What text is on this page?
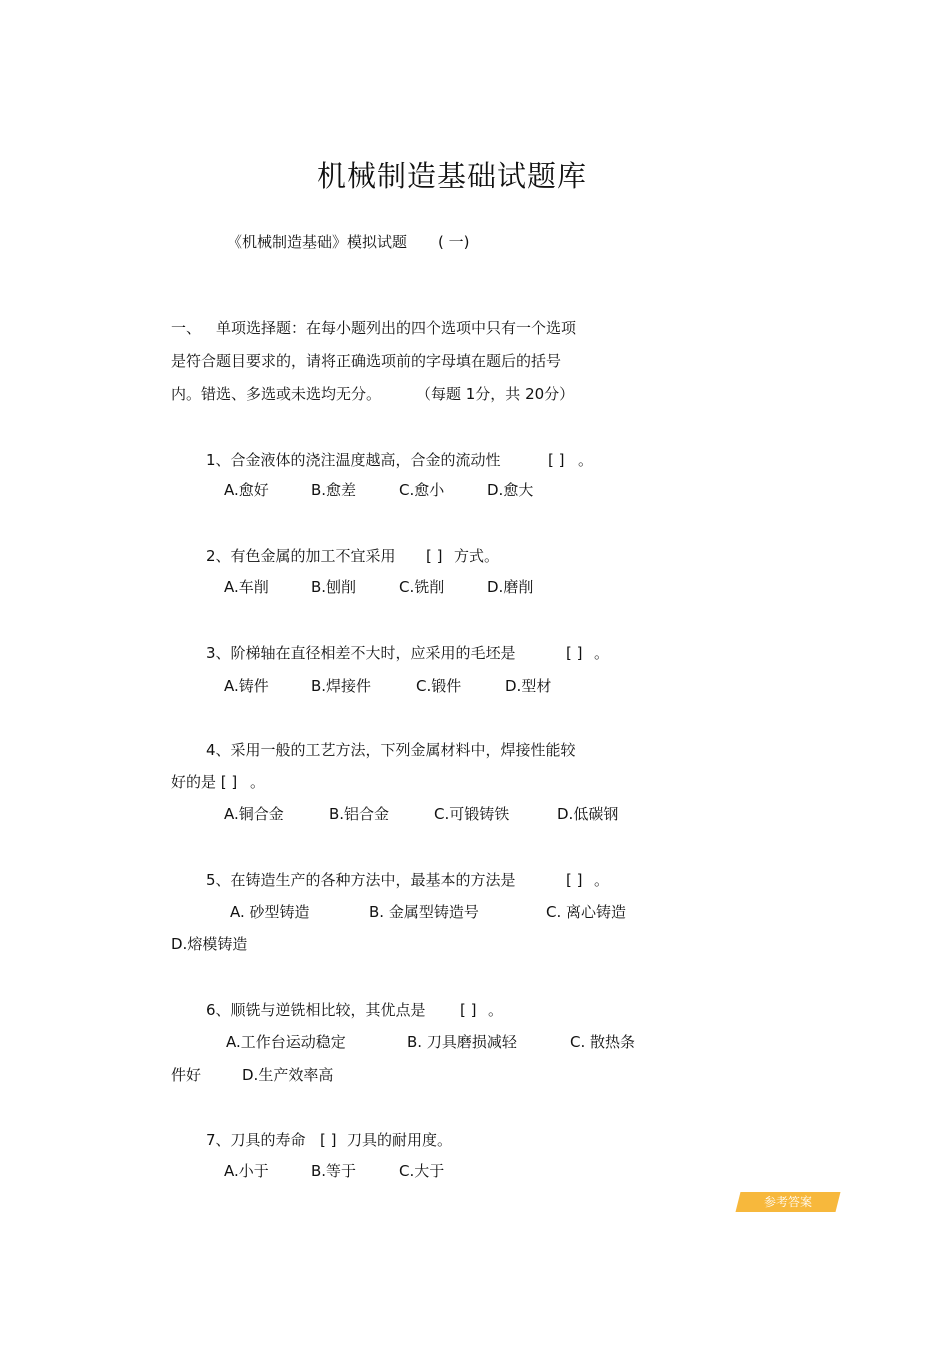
机械制造基础试题库
《机械制造基础》模拟试题 ( 一)
一、 单项选择题：在每小题列出的四个选项中只有一个选项
是符合题目要求的，请将正确选项前的字母填在题后的括号
内。错选、多选或未选均无分。 （每题 1分，共 20分）
1、合金液体的浇注温度越高，合金的流动性	[ ] 。
A.愈好	B.愈差	C.愈小	D.愈大
2、有色金属的加工不宜采用 [ ] 方式。
A.车削	B.刨削	C.铣削	D.磨削
3、阶梯轴在直径相差不大时，应采用的毛坯是	[ ] 。
A.铸件	B.焊接件	C.锻件	D.型材
4、采用一般的工艺方法，下列金属材料中，焊接性能较
好的是 [ ] 。
A.铜合金	B.铝合金	C.可锻铸铁	D.低碳钢
5、在铸造生产的各种方法中，最基本的方法是	[ ] 。
A. 砂型铸造	B. 金属型铸造号	C. 离心铸造
D.熔模铸造
6、顺铣与逆铣相比较，其优点是 [ ] 。
A.工作台运动稳定	B. 刀具磨损减轻	C. 散热条
件好	D.生产效率高
7、刀具的寿命 [ ] 刀具的耐用度。
A.小于	B.等于	C.大于
参考答案
